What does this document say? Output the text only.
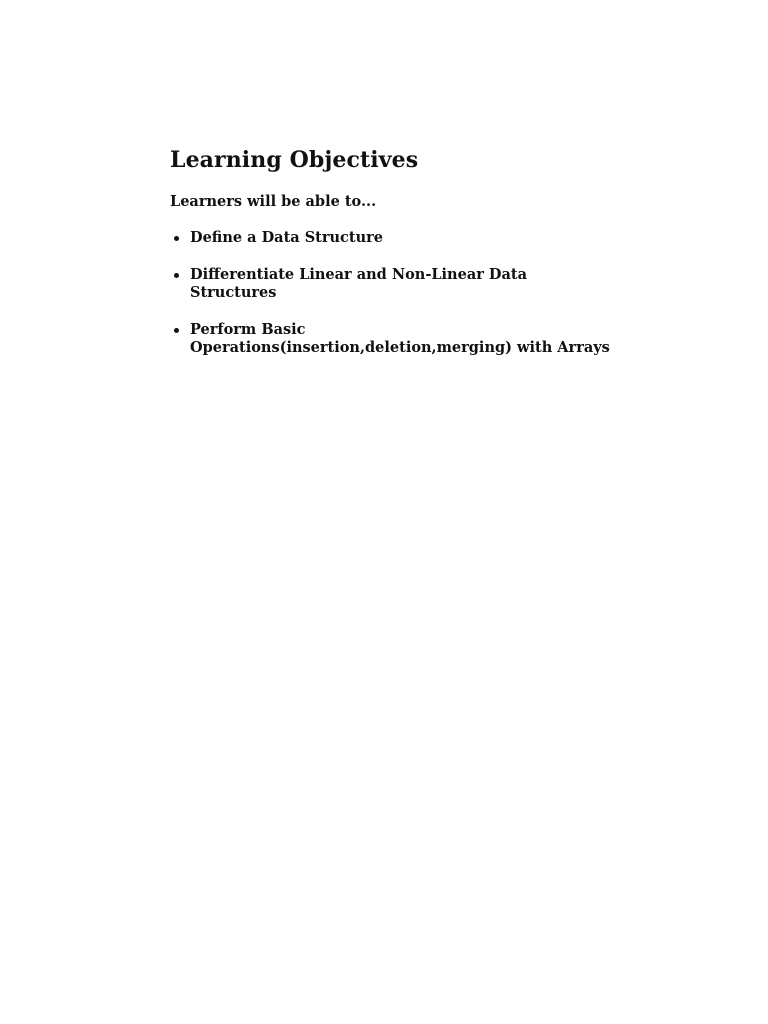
Learning Objectives

Learners will be able to...

Define a Data Structure
Differentiate Linear and Non-Linear Data Structures
Perform Basic Operations(insertion,deletion,merging) with Arrays
